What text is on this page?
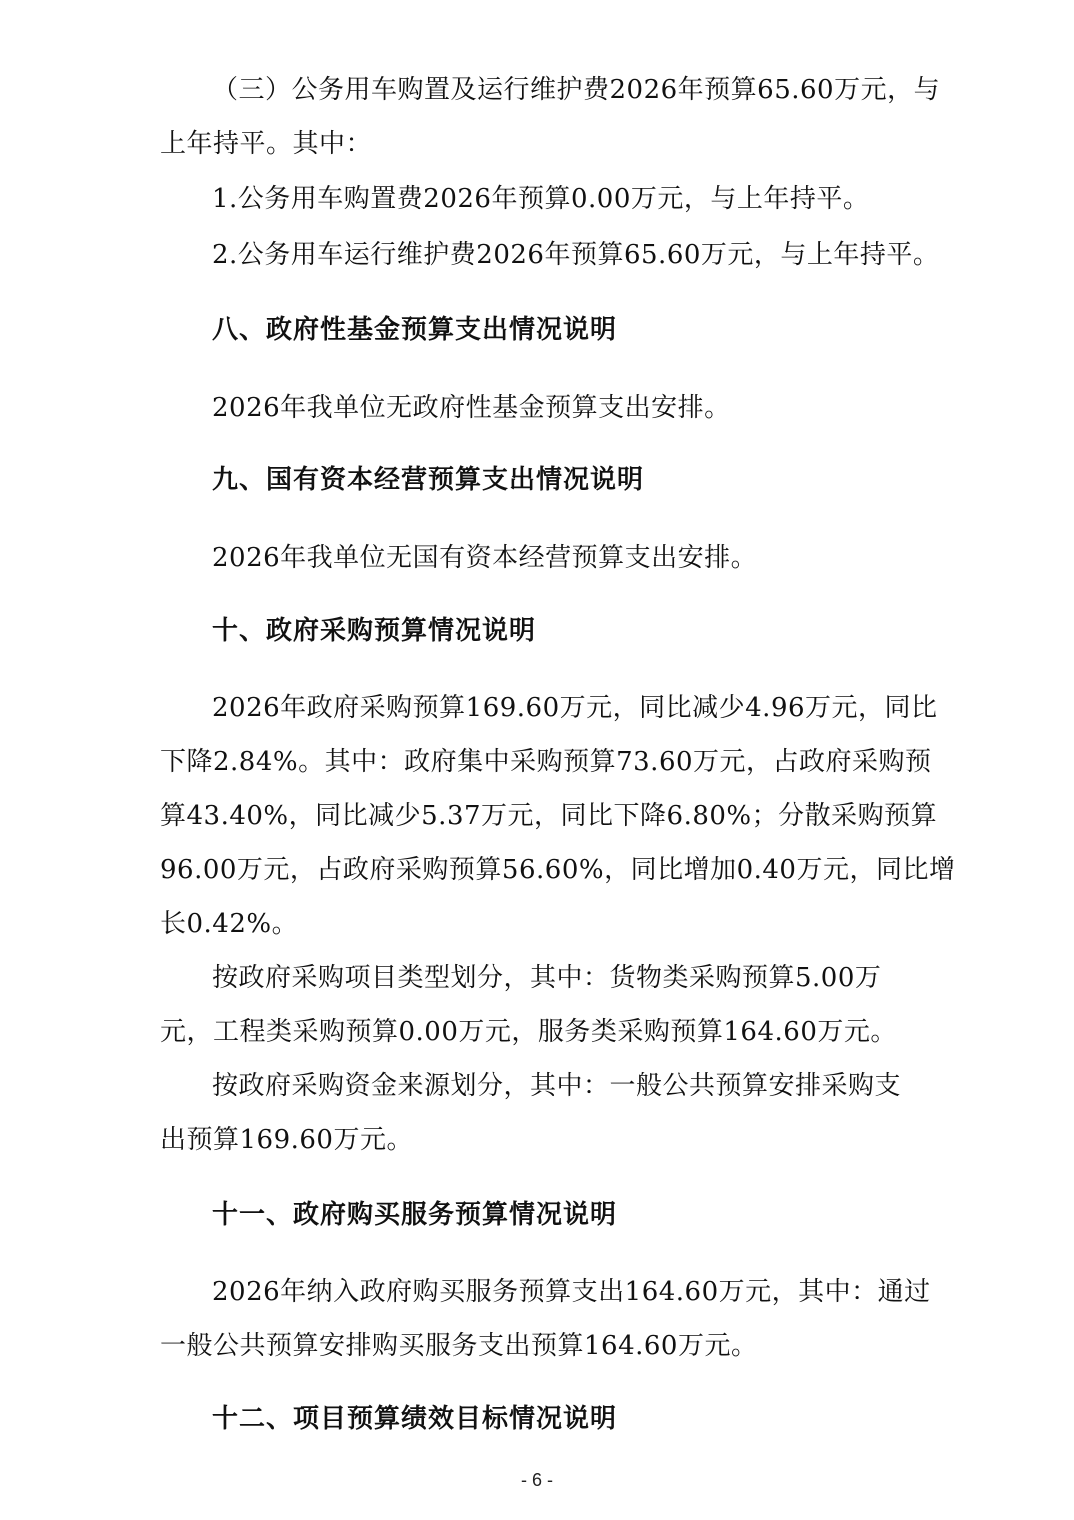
（三）公务用车购置及运行维护费2026年预算65.60万元，与
上年持平。其中：
1.公务用车购置费2026年预算0.00万元，与上年持平。
2.公务用车运行维护费2026年预算65.60万元，与上年持平。
八、政府性基金预算支出情况说明
2026年我单位无政府性基金预算支出安排。
九、国有资本经营预算支出情况说明
2026年我单位无国有资本经营预算支出安排。
十、政府采购预算情况说明
2026年政府采购预算169.60万元，同比减少4.96万元，同比
下降2.84%。其中：政府集中采购预算73.60万元，占政府采购预
算43.40%，同比减少5.37万元，同比下降6.80%；分散采购预算
96.00万元，占政府采购预算56.60%，同比增加0.40万元，同比增
长0.42%。
按政府采购项目类型划分，其中：货物类采购预算5.00万
元，工程类采购预算0.00万元，服务类采购预算164.60万元。
按政府采购资金来源划分，其中：一般公共预算安排采购支
出预算169.60万元。
十一、政府购买服务预算情况说明
2026年纳入政府购买服务预算支出164.60万元，其中：通过
一般公共预算安排购买服务支出预算164.60万元。
十二、项目预算绩效目标情况说明
- 6 -
